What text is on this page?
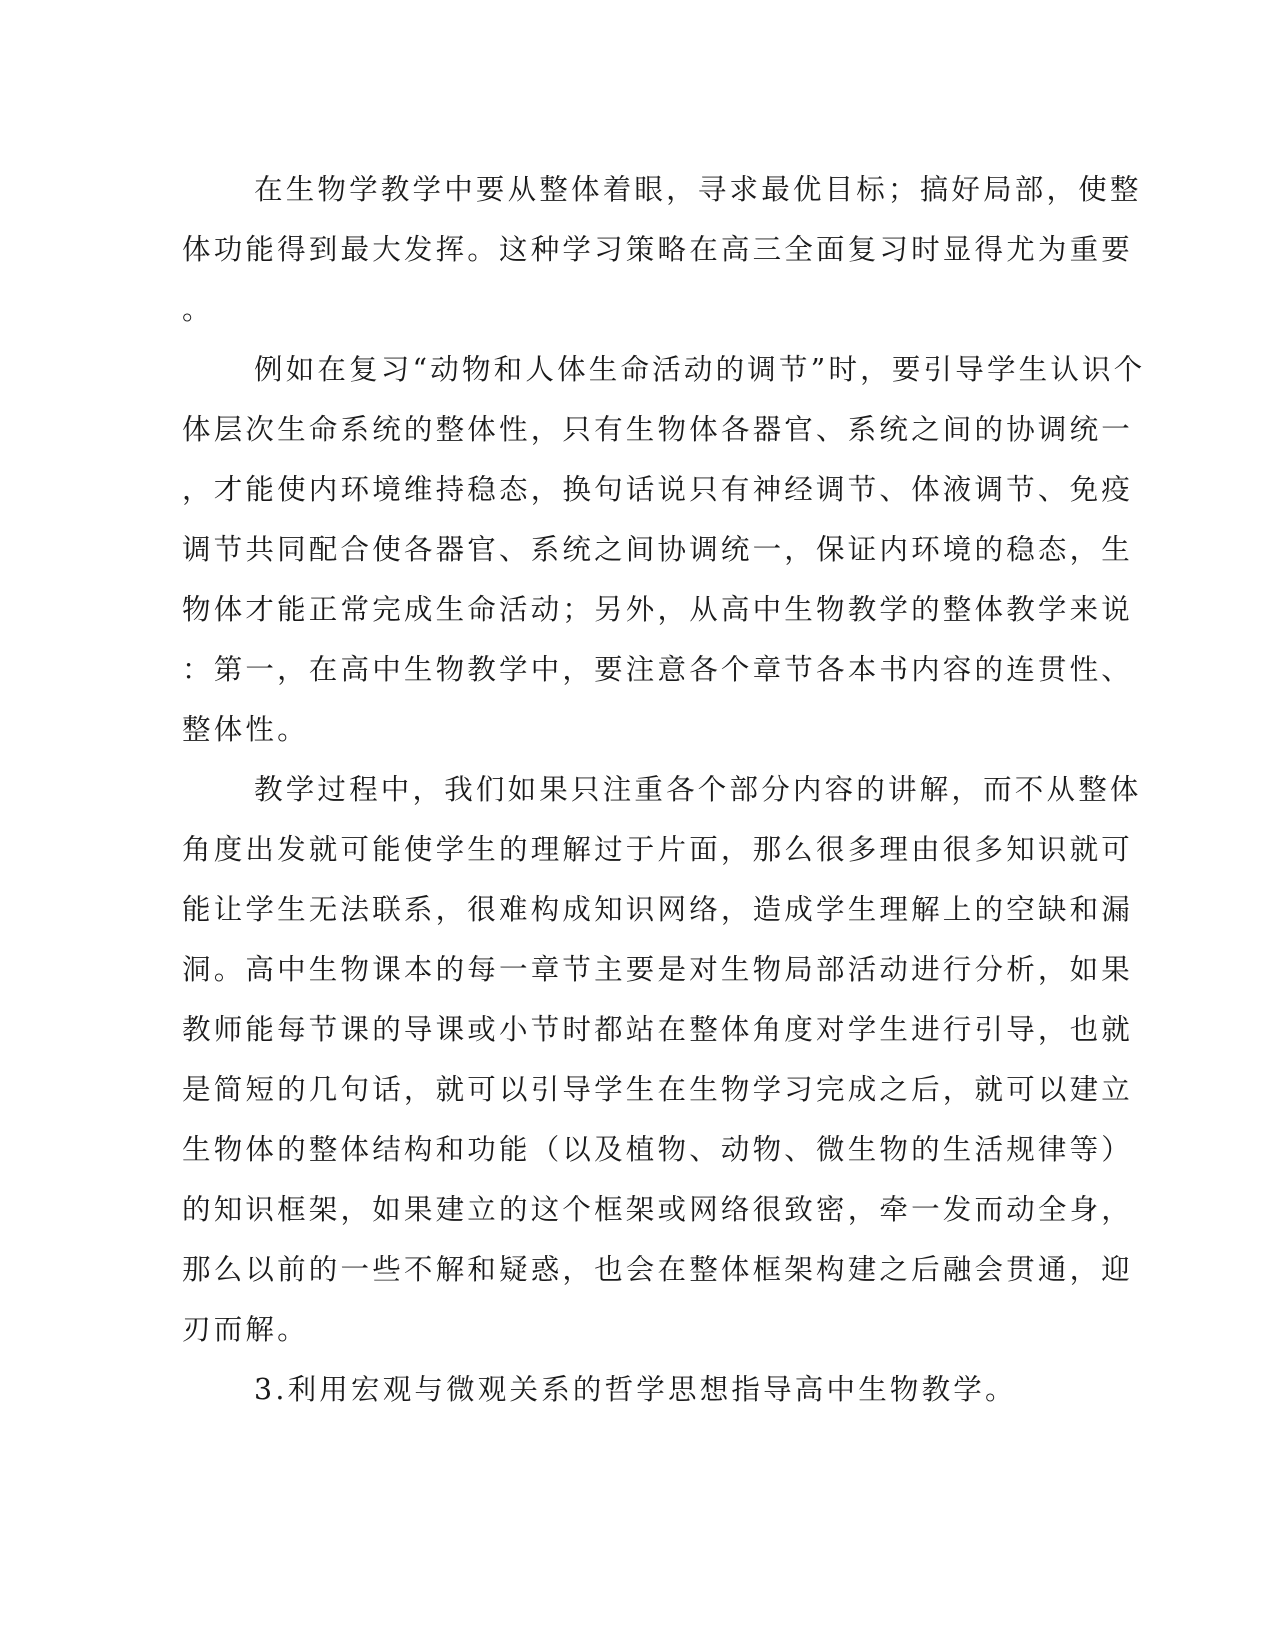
在生物学教学中要从整体着眼，寻求最优目标；搞好局部，使整
体功能得到最大发挥。这种学习策略在高三全面复习时显得尤为重要
。
例如在复习“动物和人体生命活动的调节”时，要引导学生认识个
体层次生命系统的整体性，只有生物体各器官、系统之间的协调统一
，才能使内环境维持稳态，换句话说只有神经调节、体液调节、免疫
调节共同配合使各器官、系统之间协调统一，保证内环境的稳态，生
物体才能正常完成生命活动；另外，从高中生物教学的整体教学来说
：第一，在高中生物教学中，要注意各个章节各本书内容的连贯性、
整体性。
教学过程中，我们如果只注重各个部分内容的讲解，而不从整体
角度出发就可能使学生的理解过于片面，那么很多理由很多知识就可
能让学生无法联系，很难构成知识网络，造成学生理解上的空缺和漏
洞。高中生物课本的每一章节主要是对生物局部活动进行分析，如果
教师能每节课的导课或小节时都站在整体角度对学生进行引导，也就
是简短的几句话，就可以引导学生在生物学习完成之后，就可以建立
生物体的整体结构和功能（以及植物、动物、微生物的生活规律等）
的知识框架，如果建立的这个框架或网络很致密，牵一发而动全身，
那么以前的一些不解和疑惑，也会在整体框架构建之后融会贯通，迎
刃而解。
3.利用宏观与微观关系的哲学思想指导高中生物教学。
